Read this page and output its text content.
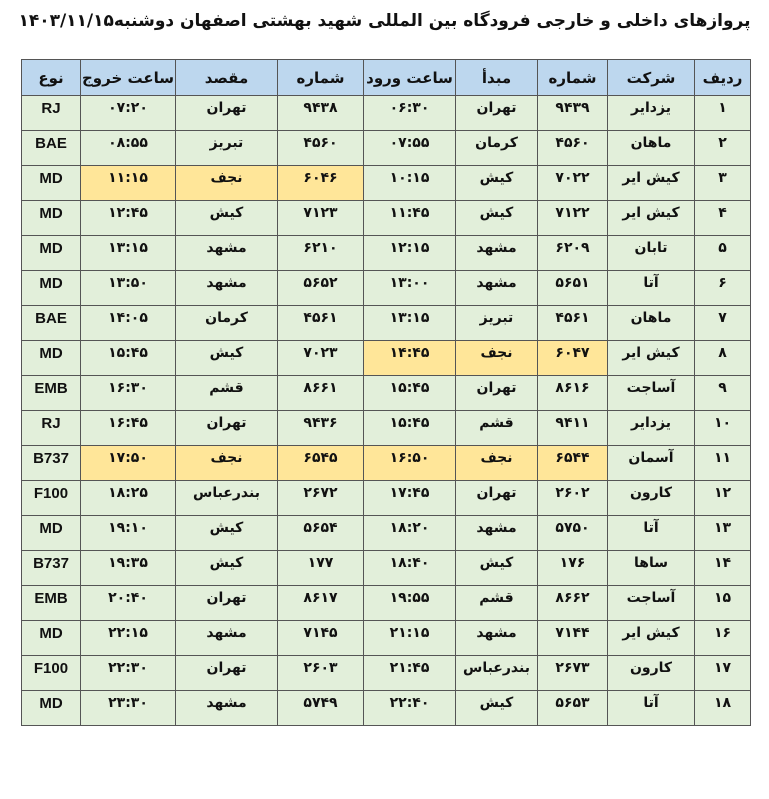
پروازهای داخلی و خارجی فرودگاه بین المللی شهید بهشتی اصفهان دوشنبه۱۴۰۳/۱۱/۱۵
ردیف	شرکت	شماره	مبدأ	ساعت ورود	شماره	مقصد	ساعت خروج	نوع
۱	یزدایر	۹۴۳۹	تهران	۰۶:۳۰	۹۴۳۸	تهران	۰۷:۲۰	RJ
۲	ماهان	۴۵۶۰	کرمان	۰۷:۵۵	۴۵۶۰	تبریز	۰۸:۵۵	BAE
۳	کیش ایر	۷۰۲۲	کیش	۱۰:۱۵	۶۰۴۶	نجف	۱۱:۱۵	MD
۴	کیش ایر	۷۱۲۲	کیش	۱۱:۴۵	۷۱۲۳	کیش	۱۲:۴۵	MD
۵	تابان	۶۲۰۹	مشهد	۱۲:۱۵	۶۲۱۰	مشهد	۱۳:۱۵	MD
۶	آتا	۵۶۵۱	مشهد	۱۳:۰۰	۵۶۵۲	مشهد	۱۳:۵۰	MD
۷	ماهان	۴۵۶۱	تبریز	۱۳:۱۵	۴۵۶۱	کرمان	۱۴:۰۵	BAE
۸	کیش ایر	۶۰۴۷	نجف	۱۴:۴۵	۷۰۲۳	کیش	۱۵:۴۵	MD
۹	آساجت	۸۶۱۶	تهران	۱۵:۴۵	۸۶۶۱	قشم	۱۶:۳۰	EMB
۱۰	یزدایر	۹۴۱۱	قشم	۱۵:۴۵	۹۴۳۶	تهران	۱۶:۴۵	RJ
۱۱	آسمان	۶۵۴۴	نجف	۱۶:۵۰	۶۵۴۵	نجف	۱۷:۵۰	B737
۱۲	کارون	۲۶۰۲	تهران	۱۷:۴۵	۲۶۷۲	بندرعباس	۱۸:۲۵	F100
۱۳	آتا	۵۷۵۰	مشهد	۱۸:۲۰	۵۶۵۴	کیش	۱۹:۱۰	MD
۱۴	ساها	۱۷۶	کیش	۱۸:۴۰	۱۷۷	کیش	۱۹:۳۵	B737
۱۵	آساجت	۸۶۶۲	قشم	۱۹:۵۵	۸۶۱۷	تهران	۲۰:۴۰	EMB
۱۶	کیش ایر	۷۱۴۴	مشهد	۲۱:۱۵	۷۱۴۵	مشهد	۲۲:۱۵	MD
۱۷	کارون	۲۶۷۳	بندرعباس	۲۱:۴۵	۲۶۰۳	تهران	۲۲:۳۰	F100
۱۸	آتا	۵۶۵۳	کیش	۲۲:۴۰	۵۷۴۹	مشهد	۲۳:۳۰	MD
